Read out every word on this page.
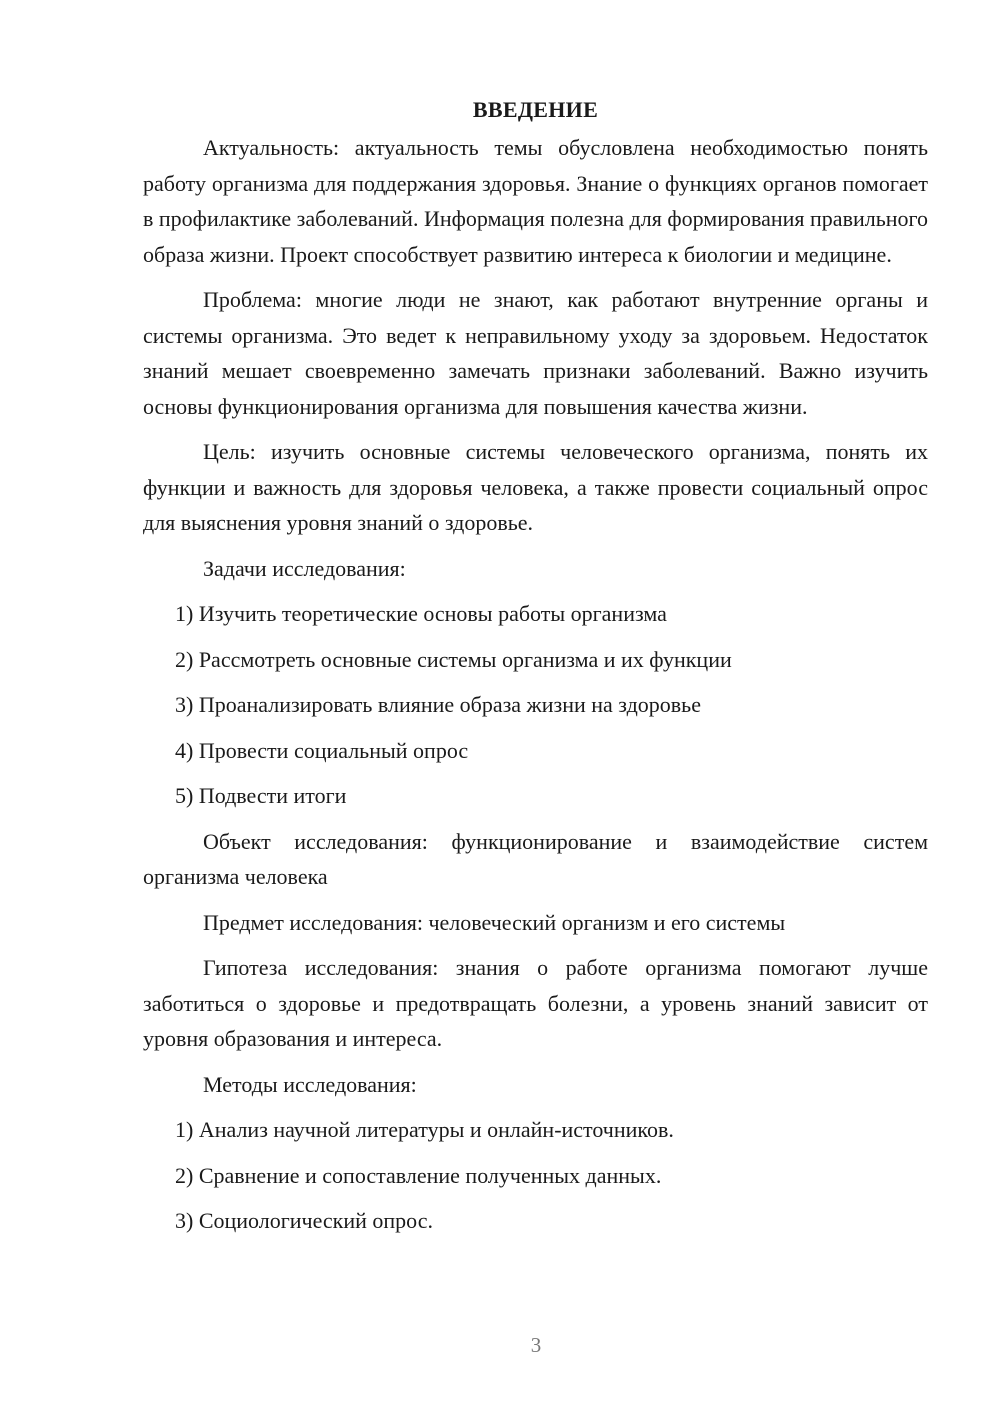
ВВЕДЕНИЕ

Актуальность: актуальность темы обусловлена необходимостью понять работу организма для поддержания здоровья. Знание о функциях органов помогает в профилактике заболеваний. Информация полезна для формирования правильного образа жизни. Проект способствует развитию интереса к биологии и медицине.

Проблема: многие люди не знают, как работают внутренние органы и системы организма. Это ведет к неправильному уходу за здоровьем. Недостаток знаний мешает своевременно замечать признаки заболеваний. Важно изучить основы функционирования организма для повышения качества жизни.

Цель: изучить основные системы человеческого организма, понять их функции и важность для здоровья человека, а также провести социальный опрос для выяснения уровня знаний о здоровье.

Задачи исследования:
1) Изучить теоретические основы работы организма
2) Рассмотреть основные системы организма и их функции
3) Проанализировать влияние образа жизни на здоровье
4) Провести социальный опрос
5) Подвести итоги

Объект исследования: функционирование и взаимодействие систем организма человека

Предмет исследования: человеческий организм и его системы

Гипотеза исследования: знания о работе организма помогают лучше заботиться о здоровье и предотвращать болезни, а уровень знаний зависит от уровня образования и интереса.

Методы исследования:
1) Анализ научной литературы и онлайн-источников.
2) Сравнение и сопоставление полученных данных.
3) Социологический опрос.
3
